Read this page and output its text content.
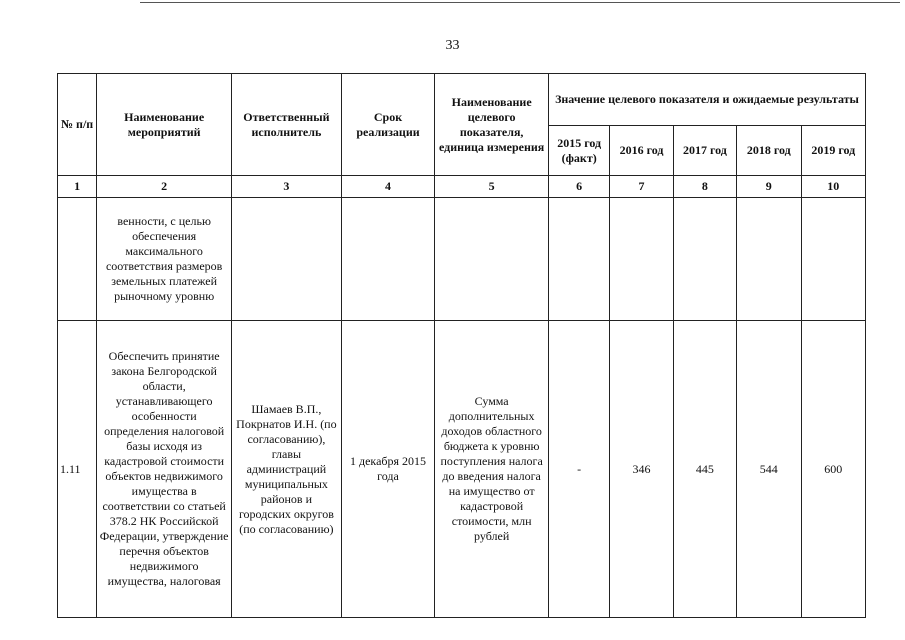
33
№ п/п	Наименование мероприятий	Ответственный исполнитель	Срок реализации	Наименование целевого показателя, единица измерения	Значение целевого показателя и ожидаемые результаты				
					2015 год (факт)	2016 год	2017 год	2018 год	2019 год
1	2	3	4	5	6	7	8	9	10
	венности, с целью обеспечения максимального соответствия размеров земельных платежей рыночному уровню								
1.11	Обеспечить принятие закона Белгородской области, устанавливающего особенности определения налоговой базы исходя из кадастровой стоимости объектов недвижимого имущества в соответствии со статьей 378.2 НК Российской Федерации, утверждение перечня объектов недвижимого имущества, налоговая	Шамаев В.П., Покрнатов И.Н. (по согласованию), главы администраций муниципальных районов и городских округов (по согласованию)	1 декабря 2015 года	Сумма дополнительных доходов областного бюджета к уровню поступления налога до введения налога на имущество от кадастровой стоимости, млн рублей	-	346	445	544	600
